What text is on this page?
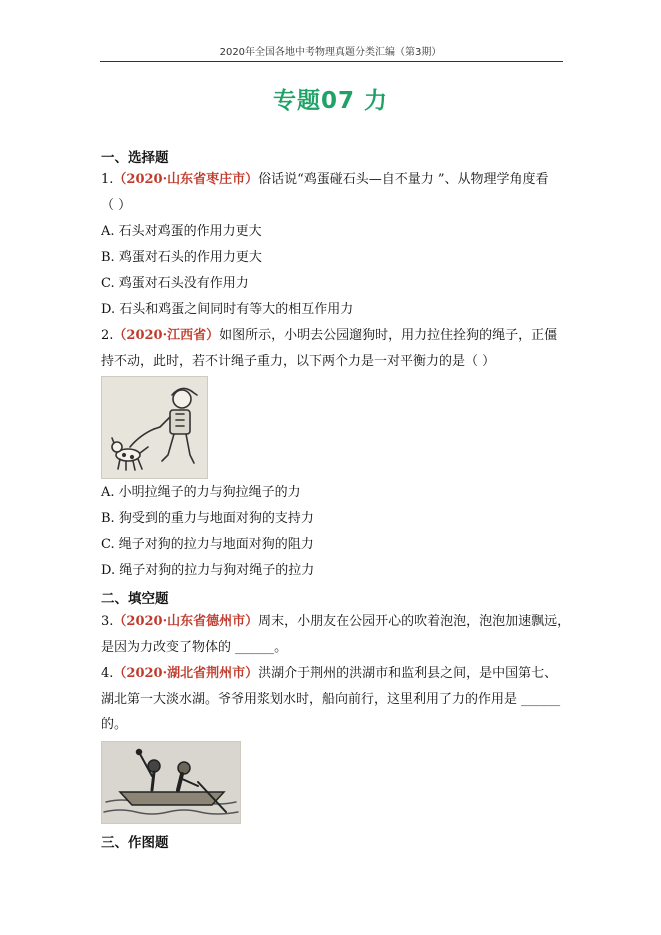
2020年全国各地中考物理真题分类汇编（第3期）
专题07 力
一、选择题
1.（2020·山东省枣庄市）俗话说“鸡蛋碰石头—自不量力 ”、从物理学角度看
（ ）
A. 石头对鸡蛋的作用力更大
B. 鸡蛋对石头的作用力更大
C. 鸡蛋对石头没有作用力
D. 石头和鸡蛋之间同时有等大的相互作用力
2.（2020·江西省）如图所示，小明去公园遛狗时，用力拉住拴狗的绳子，正僵
持不动，此时，若不计绳子重力，以下两个力是一对平衡力的是（ ）
A. 小明拉绳子的力与狗拉绳子的力
B. 狗受到的重力与地面对狗的支持力
C. 绳子对狗的拉力与地面对狗的阻力
D. 绳子对狗的拉力与狗对绳子的拉力
二、填空题
3.（2020·山东省德州市）周末，小朋友在公园开心的吹着泡泡，泡泡加速飘远，
是因为力改变了物体的 ______。
4.（2020·湖北省荆州市）洪湖介于荆州的洪湖市和监利县之间，是中国第七、
湖北第一大淡水湖。爷爷用浆划水时，船向前行，这里利用了力的作用是 ______
的。
三、作图题
